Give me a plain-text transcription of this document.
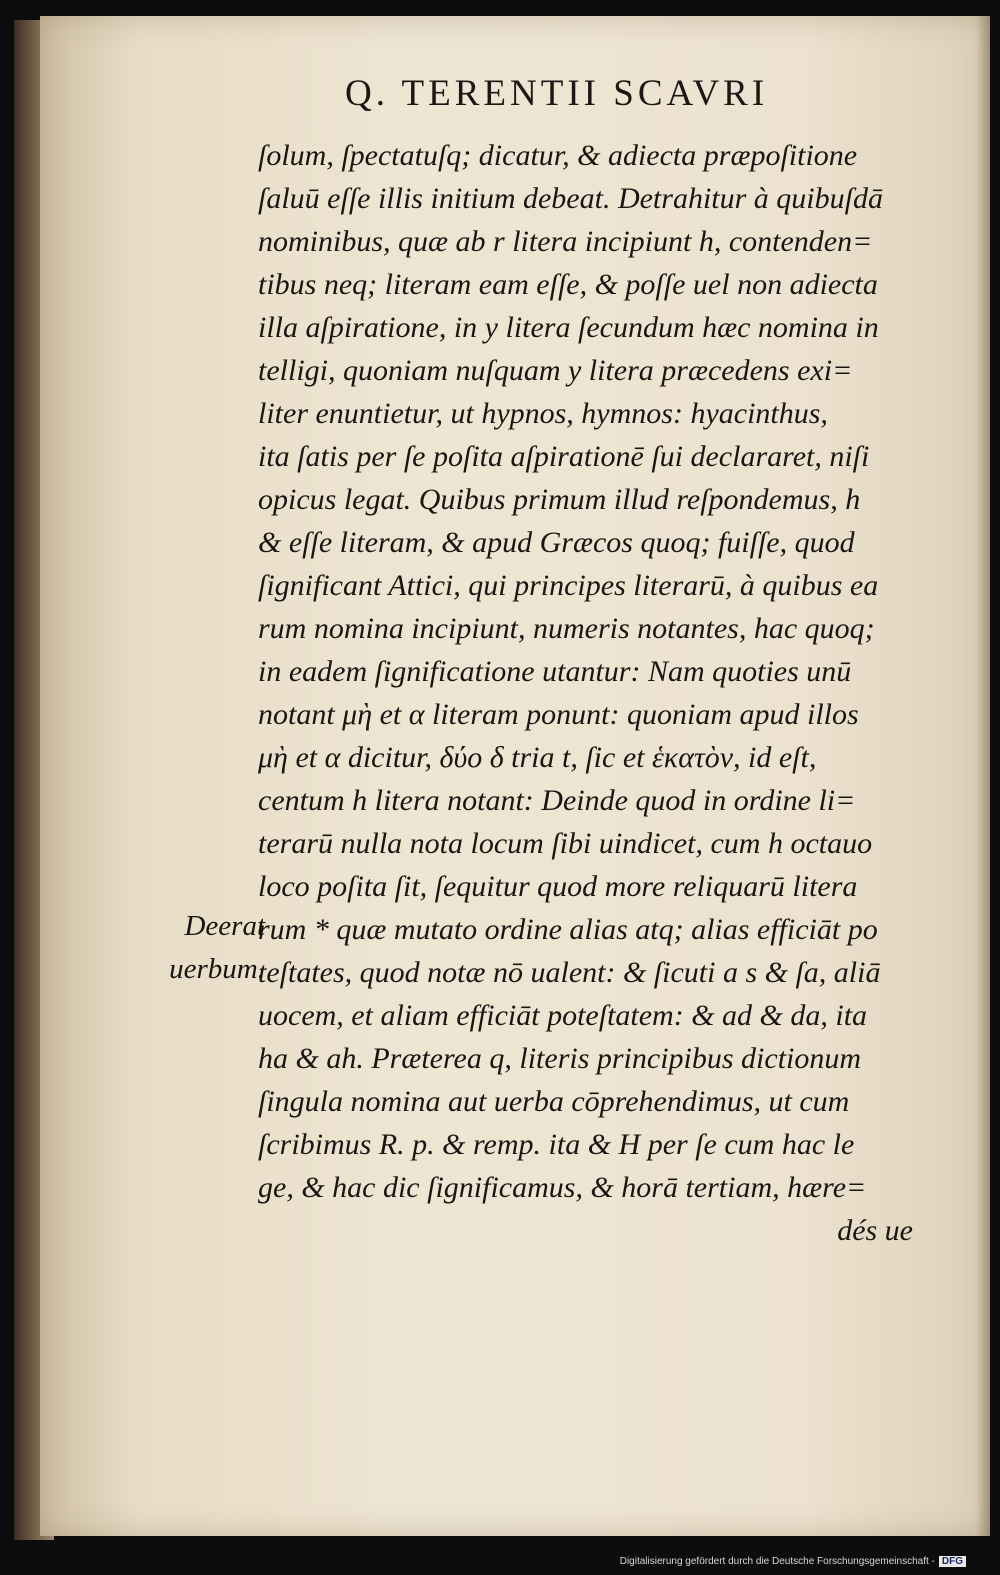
Q. TERENTII SCAVRI
ſolum, ſpectatuſq; dicatur, & adiecta præpoſitione
ſaluū eſſe illis initium debeat. Detrahitur à quibuſdā
nominibus, quæ ab r litera incipiunt h, contenden=
tibus neq; literam eam eſſe, & poſſe uel non adiecta
illa aſpiratione, in y litera ſecundum hæc nomina in
telligi, quoniam nuſquam y litera præcedens exi=
liter enuntietur, ut hypnos, hymnos: hyacinthus,
ita ſatis per ſe poſita aſpirationē ſui declararet, niſi
opicus legat. Quibus primum illud reſpondemus, h
& eſſe literam, & apud Græcos quoq; fuiſſe, quod
ſignificant Attici, qui principes literarū, à quibus ea
rum nomina incipiunt, numeris notantes, hac quoq;
in eadem ſignificatione utantur: Nam quoties unū
notant μὴ et α literam ponunt: quoniam apud illos
μὴ et α dicitur, δύο δ tria t, ſic et ἑκατὸν, id eſt,
centum h litera notant: Deinde quod in ordine li=
terarū nulla nota locum ſibi uindicet, cum h octauo
loco poſita ſit, ſequitur quod more reliquarū litera
rum * quæ mutato ordine alias atq; alias efficiāt po
teſtates, quod notæ nō ualent: & ſicuti a s & ſa, aliā
uocem, et aliam efficiāt poteſtatem: & ad & da, ita
ha & ah. Præterea q, literis principibus dictionum
ſingula nomina aut uerba cōprehendimus, ut cum
ſcribimus R. p. & remp. ita & H per ſe cum hac le
ge, & hac dic ſignificamus, & horā tertiam, hære=
dés ue
Deerat
uerbum.
Digitalisierung gefördert durch die Deutsche Forschungsgemeinschaft - DFG
